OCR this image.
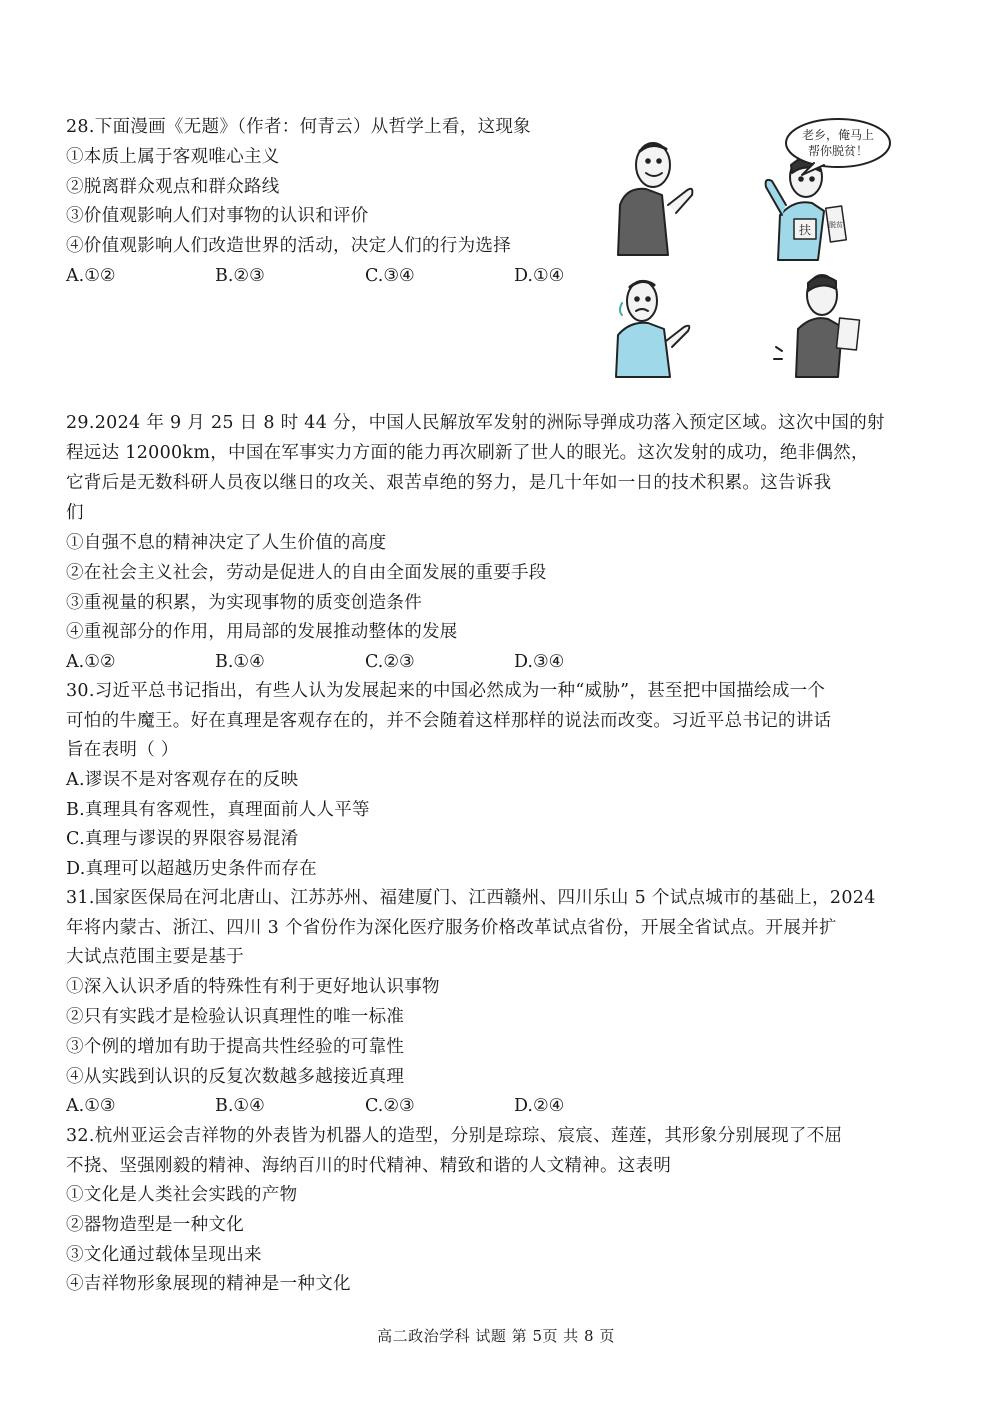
28.下面漫画《无题》（作者：何青云）从哲学上看，这现象
①本质上属于客观唯心主义
②脱离群众观点和群众路线
③价值观影响人们对事物的认识和评价
④价值观影响人们改造世界的活动，决定人们的行为选择
A.①②	B.②③	C.③④	D.①④
老乡，俺马上
帮你脱贫！
扶	脱贫
29.2024 年 9 月 25 日 8 时 44 分，中国人民解放军发射的洲际导弹成功落入预定区域。这次中国的射
程远达 12000km，中国在军事实力方面的能力再次刷新了世人的眼光。这次发射的成功，绝非偶然，
它背后是无数科研人员夜以继日的攻关、艰苦卓绝的努力，是几十年如一日的技术积累。这告诉我
们
①自强不息的精神决定了人生价值的高度
②在社会主义社会，劳动是促进人的自由全面发展的重要手段
③重视量的积累，为实现事物的质变创造条件
④重视部分的作用，用局部的发展推动整体的发展
A.①②	B.①④	C.②③	D.③④
30.习近平总书记指出，有些人认为发展起来的中国必然成为一种“威胁”，甚至把中国描绘成一个
可怕的牛魔王。好在真理是客观存在的，并不会随着这样那样的说法而改变。习近平总书记的讲话
旨在表明（ ）
A.谬误不是对客观存在的反映
B.真理具有客观性，真理面前人人平等
C.真理与谬误的界限容易混淆
D.真理可以超越历史条件而存在
31.国家医保局在河北唐山、江苏苏州、福建厦门、江西赣州、四川乐山 5 个试点城市的基础上，2024
年将内蒙古、浙江、四川 3 个省份作为深化医疗服务价格改革试点省份，开展全省试点。开展并扩
大试点范围主要是基于
①深入认识矛盾的特殊性有利于更好地认识事物
②只有实践才是检验认识真理性的唯一标准
③个例的增加有助于提高共性经验的可靠性
④从实践到认识的反复次数越多越接近真理
A.①③	B.①④	C.②③	D.②④
32.杭州亚运会吉祥物的外表皆为机器人的造型，分别是琮琮、宸宸、莲莲，其形象分别展现了不屈
不挠、坚强刚毅的精神、海纳百川的时代精神、精致和谐的人文精神。这表明
①文化是人类社会实践的产物
②器物造型是一种文化
③文化通过载体呈现出来
④吉祥物形象展现的精神是一种文化
高二政治学科 试题 第 5页 共 8 页
